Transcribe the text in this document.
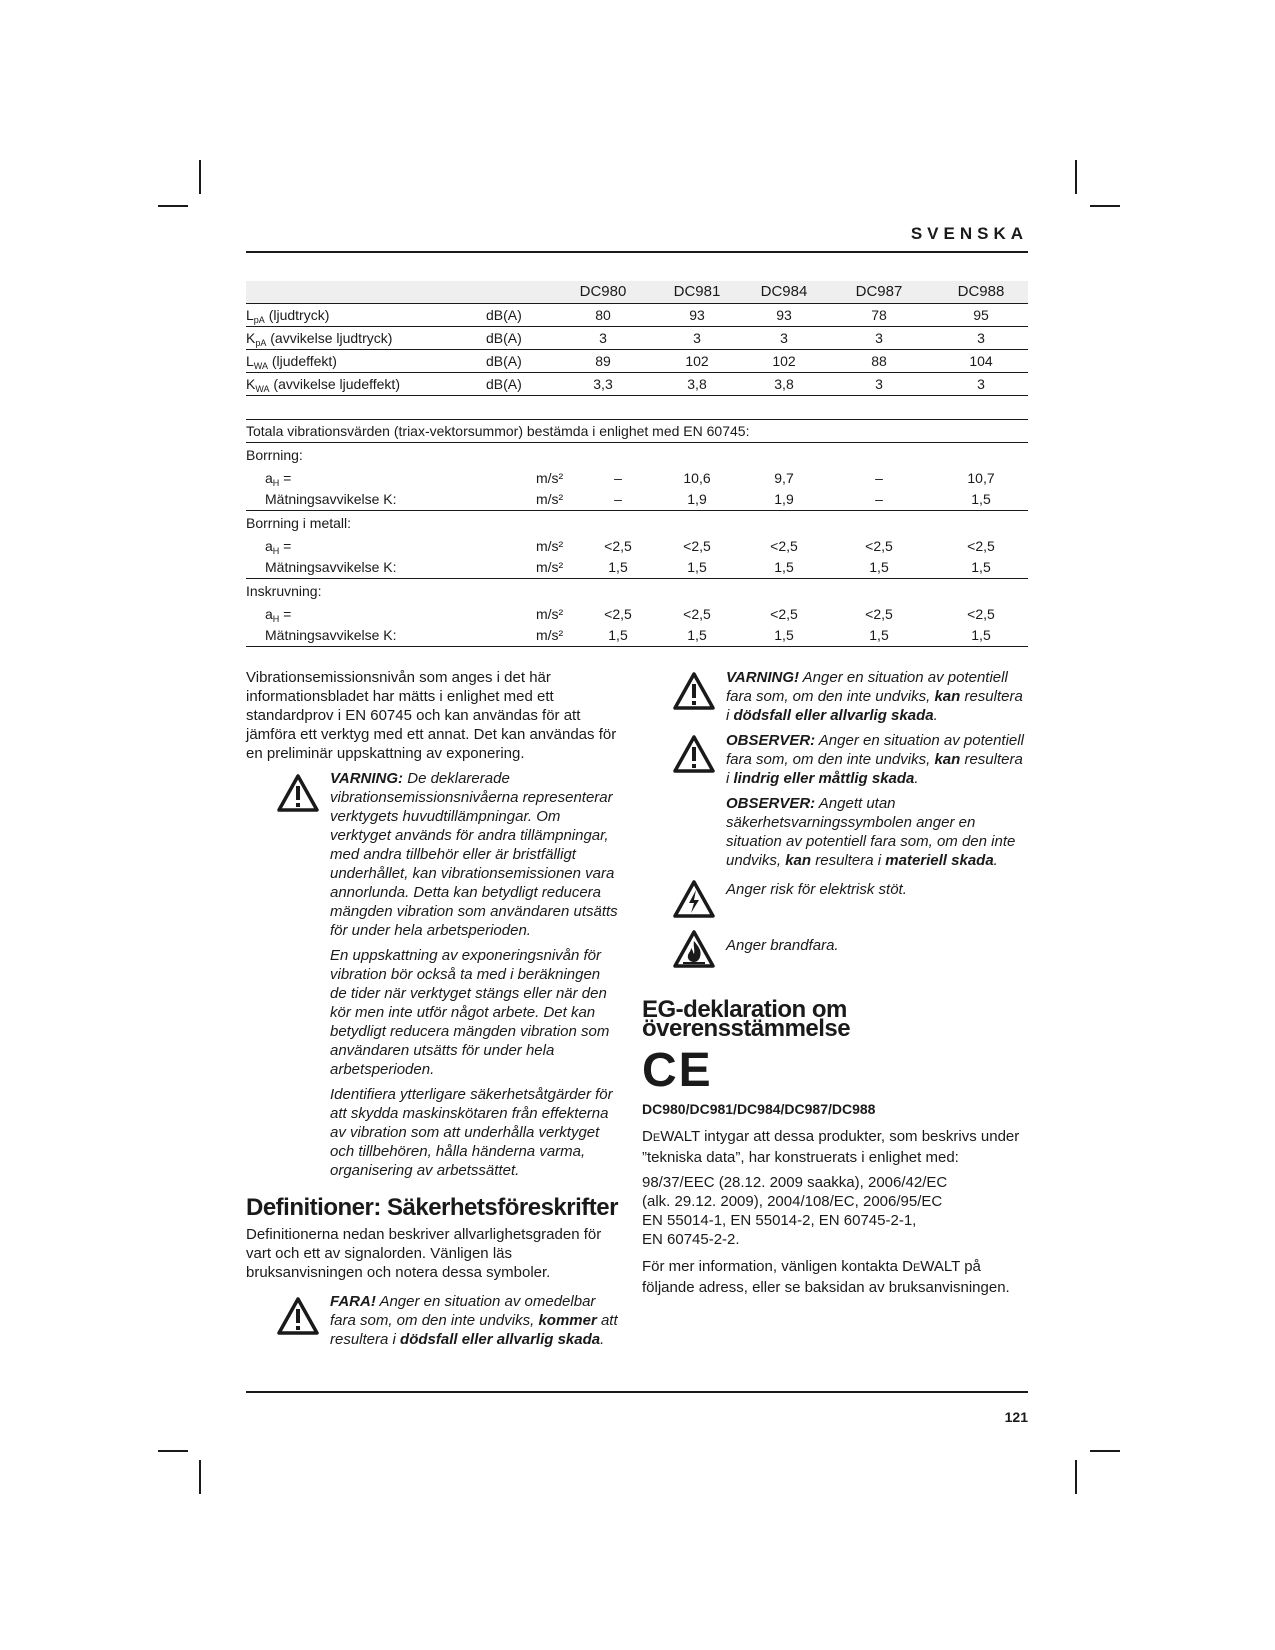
SVENSKA
		DC980	DC981	DC984	DC987	DC988
$L_{pA}$ (ljudtryck)	dB(A)	80	93	93	78	95
$K_{pA}$ (avvikelse ljudtryck)	dB(A)	3	3	3	3	3
$L_{WA}$ (ljudeffekt)	dB(A)	89	102	102	88	104
$K_{WA}$ (avvikelse ljudeffekt)	dB(A)	3,3	3,8	3,8	3	3
Totala vibrationsvärden (triax-vektorsummor) bestämda i enlighet med EN 60745:						
Borrning:						
$a_H$ =	m/s²	–	10,6	9,7	–	10,7
Mätningsavvikelse K:	m/s²	–	1,9	1,9	–	1,5
Borrning i metall:						
$a_H$ =	m/s²	<2,5	<2,5	<2,5	<2,5	<2,5
Mätningsavvikelse K:	m/s²	1,5	1,5	1,5	1,5	1,5
Inskruvning:						
$a_H$ =	m/s²	<2,5	<2,5	<2,5	<2,5	<2,5
Mätningsavvikelse K:	m/s²	1,5	1,5	1,5	1,5	1,5

Vibrationsemissionsnivån som anges i det här informationsbladet har mätts i enlighet med ett standardprov i EN 60745 och kan användas för att jämföra ett verktyg med ett annat. Det kan användas för en preliminär uppskattning av exponering.

VARNING: De deklarerade vibrationsemissionsnivåerna representerar verktygets huvudtillämpningar. Om verktyget används för andra tillämpningar, med andra tillbehör eller är bristfälligt underhållet, kan vibrationsemissionen vara annorlunda. Detta kan betydligt reducera mängden vibration som användaren utsätts för under hela arbetsperioden.

En uppskattning av exponeringsnivån för vibration bör också ta med i beräkningen de tider när verktyget stängs eller när den kör men inte utför något arbete. Det kan betydligt reducera mängden vibration som användaren utsätts för under hela arbetsperioden.

Identifiera ytterligare säkerhetsåtgärder för att skydda maskinskötaren från effekterna av vibration som att underhålla verktyget och tillbehören, hålla händerna varma, organisering av arbetssättet.

Definitioner: Säkerhetsföreskrifter

Definitionerna nedan beskriver allvarlighetsgraden för vart och ett av signalorden. Vänligen läs bruksanvisningen och notera dessa symboler.

FARA! Anger en situation av omedelbar fara som, om den inte undviks, kommer att resultera i dödsfall eller allvarlig skada.

VARNING! Anger en situation av potentiell fara som, om den inte undviks, kan resultera i dödsfall eller allvarlig skada.

OBSERVER: Anger en situation av potentiell fara som, om den inte undviks, kan resultera i lindrig eller måttlig skada.

OBSERVER: Angett utan säkerhetsvarningssymbolen anger en situation av potentiell fara som, om den inte undviks, kan resultera i materiell skada.

Anger risk för elektrisk stöt.

Anger brandfara.

EG-deklaration om överensstämmelse
CE
DC980/DC981/DC984/DC987/DC988

DEWALT intygar att dessa produkter, som beskrivs under ”tekniska data”, har konstruerats i enlighet med:

98/37/EEC (28.12. 2009 saakka), 2006/42/EC
(alk. 29.12. 2009), 2004/108/EC, 2006/95/EC
EN 55014-1, EN 55014-2, EN 60745-2-1,
EN 60745-2-2.

För mer information, vänligen kontakta DEWALT på följande adress, eller se baksidan av bruksanvisningen.

121
